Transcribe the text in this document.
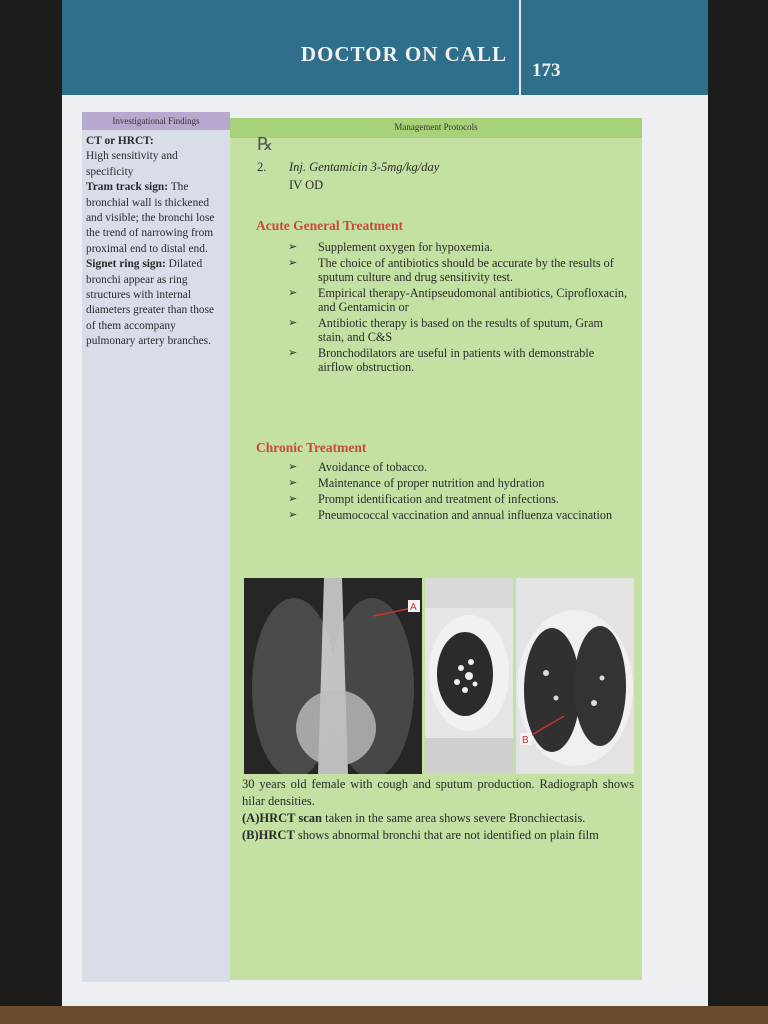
DOCTOR ON CALL
173
Investigational Findings
CT or HRCT:
High sensitivity and specificity
Tram track sign: The bronchial wall is thickened and visible; the bronchi lose the trend of narrowing from proximal end to distal end.
Signet ring sign: Dilated bronchi appear as ring structures with internal diameters greater than those of them accompany pulmonary artery branches.
Management Protocols
℞
2. Inj. Gentamicin 3-5mg/kg/day
IV OD
Acute General Treatment
➢ Supplement oxygen for hypoxemia.
➢ The choice of antibiotics should be accurate by the results of sputum culture and drug sensitivity test.
➢ Empirical therapy-Antipseudomonal antibiotics, Ciprofloxacin, and Gentamicin or
➢ Antibiotic therapy is based on the results of sputum, Gram stain, and C&S
➢ Bronchodilators are useful in patients with demonstrable airflow obstruction.
Chronic Treatment
➢ Avoidance of tobacco.
➢ Maintenance of proper nutrition and hydration
➢ Prompt identification and treatment of infections.
➢ Pneumococcal vaccination and annual influenza vaccination
A
B
30 years old female with cough and sputum production. Radiograph shows hilar densities.
(A)HRCT scan taken in the same area shows severe Bronchiectasis.
(B)HRCT shows abnormal bronchi that are not identified on plain film
